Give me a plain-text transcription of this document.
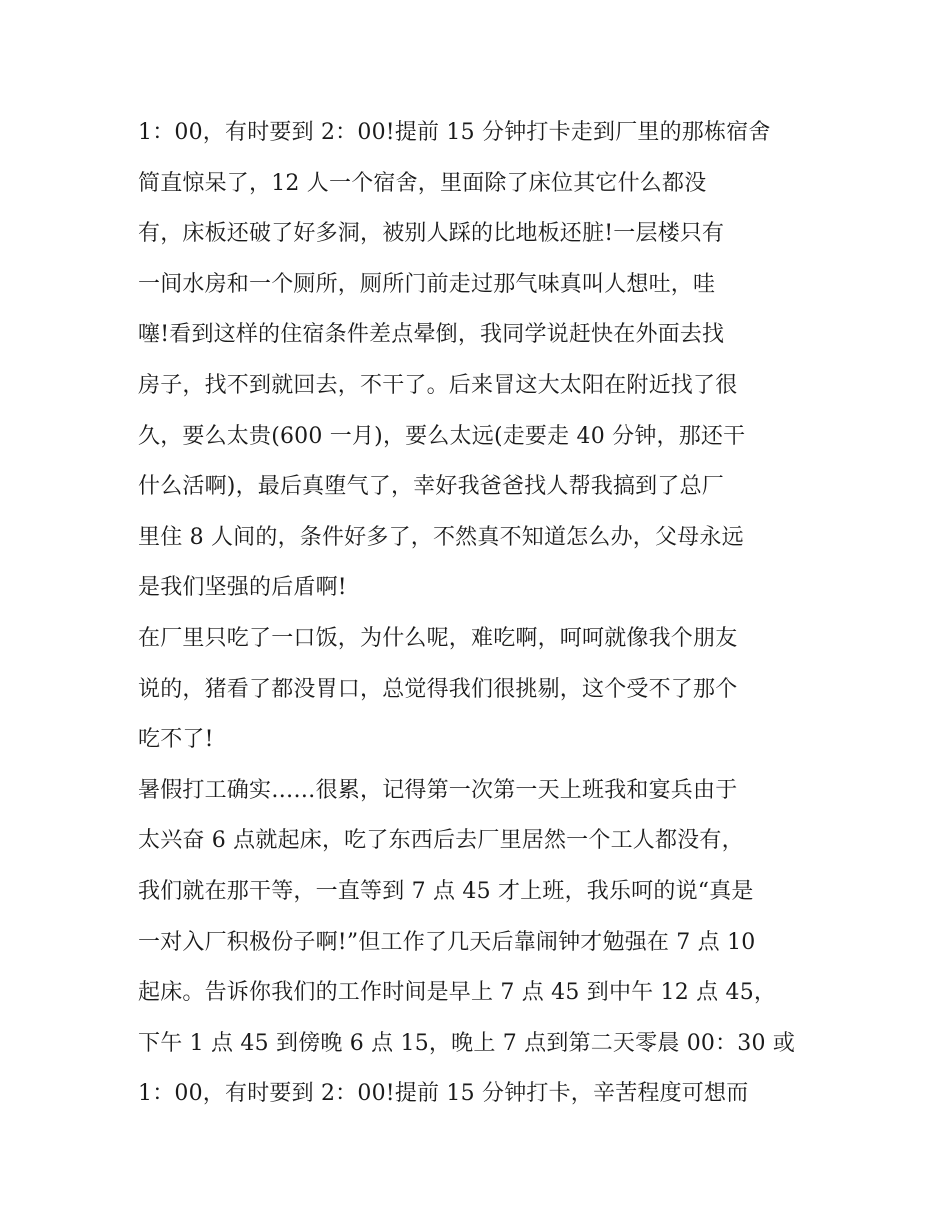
1：00，有时要到 2：00!提前 15 分钟打卡走到厂里的那栋宿舍
简直惊呆了，12 人一个宿舍，里面除了床位其它什么都没
有，床板还破了好多洞，被别人踩的比地板还脏!一层楼只有
一间水房和一个厕所，厕所门前走过那气味真叫人想吐，哇
噻!看到这样的住宿条件差点晕倒，我同学说赶快在外面去找
房子，找不到就回去，不干了。后来冒这大太阳在附近找了很
久，要么太贵(600 一月)，要么太远(走要走 40 分钟，那还干
什么活啊)，最后真堕气了，幸好我爸爸找人帮我搞到了总厂
里住 8 人间的，条件好多了，不然真不知道怎么办，父母永远
是我们坚强的后盾啊!
在厂里只吃了一口饭，为什么呢，难吃啊，呵呵就像我个朋友
说的，猪看了都没胃口，总觉得我们很挑剔，这个受不了那个
吃不了!
暑假打工确实……很累，记得第一次第一天上班我和宴兵由于
太兴奋 6 点就起床，吃了东西后去厂里居然一个工人都没有，
我们就在那干等，一直等到 7 点 45 才上班，我乐呵的说“真是
一对入厂积极份子啊!”但工作了几天后靠闹钟才勉强在 7 点 10
起床。告诉你我们的工作时间是早上 7 点 45 到中午 12 点 45，
下午 1 点 45 到傍晚 6 点 15，晚上 7 点到第二天零晨 00：30 或
1：00，有时要到 2：00!提前 15 分钟打卡，辛苦程度可想而
